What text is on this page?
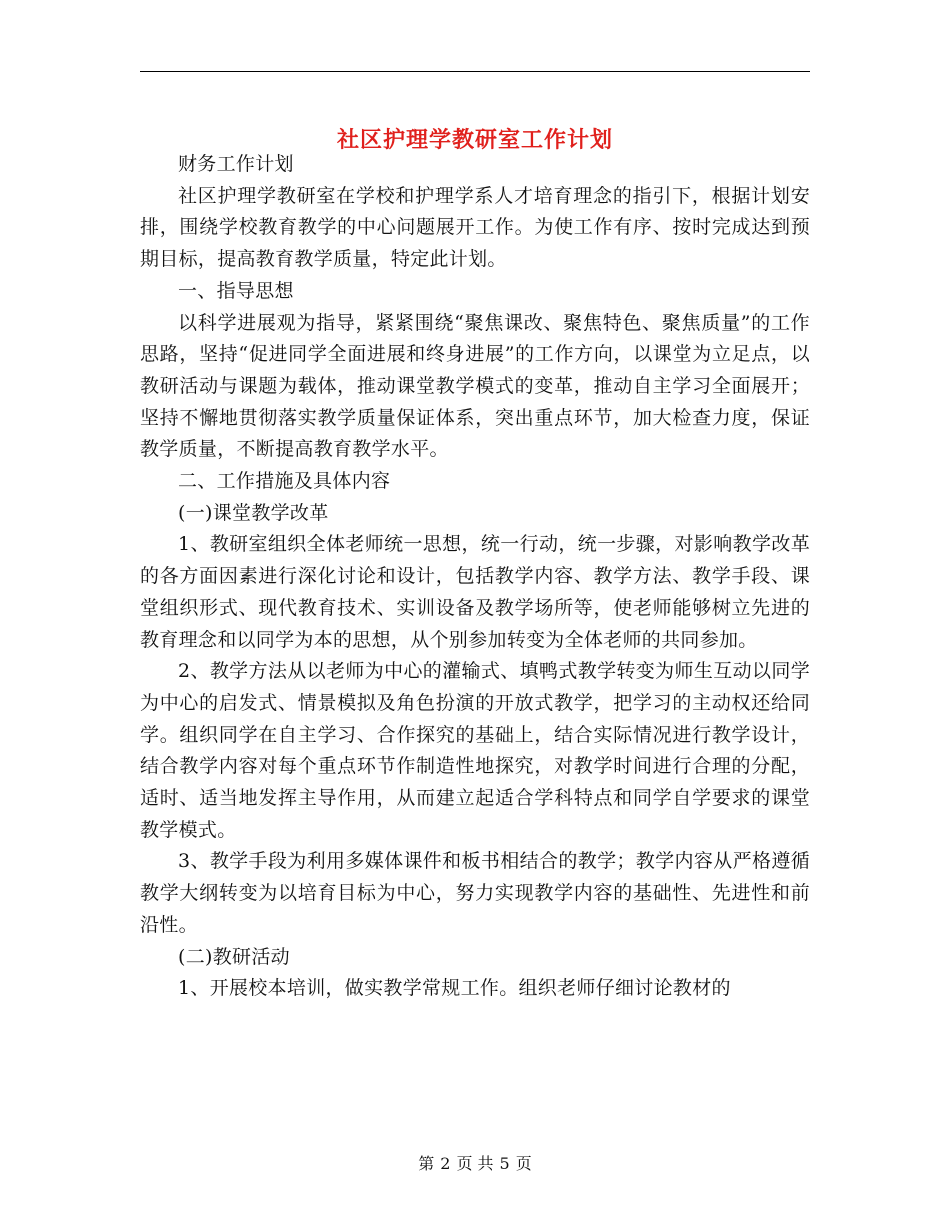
社区护理学教研室工作计划

财务工作计划

社区护理学教研室在学校和护理学系人才培育理念的指引下，根据计划安排，围绕学校教育教学的中心问题展开工作。为使工作有序、按时完成达到预期目标，提高教育教学质量，特定此计划。

一、指导思想

以科学进展观为指导，紧紧围绕“聚焦课改、聚焦特色、聚焦质量”的工作思路，坚持“促进同学全面进展和终身进展”的工作方向，以课堂为立足点，以教研活动与课题为载体，推动课堂教学模式的变革，推动自主学习全面展开；坚持不懈地贯彻落实教学质量保证体系，突出重点环节，加大检查力度，保证教学质量，不断提高教育教学水平。

二、工作措施及具体内容

(一)课堂教学改革

1、教研室组织全体老师统一思想，统一行动，统一步骤，对影响教学改革的各方面因素进行深化讨论和设计，包括教学内容、教学方法、教学手段、课堂组织形式、现代教育技术、实训设备及教学场所等，使老师能够树立先进的教育理念和以同学为本的思想，从个别参加转变为全体老师的共同参加。

2、教学方法从以老师为中心的灌输式、填鸭式教学转变为师生互动以同学为中心的启发式、情景模拟及角色扮演的开放式教学，把学习的主动权还给同学。组织同学在自主学习、合作探究的基础上，结合实际情况进行教学设计，结合教学内容对每个重点环节作制造性地探究，对教学时间进行合理的分配，适时、适当地发挥主导作用，从而建立起适合学科特点和同学自学要求的课堂教学模式。

3、教学手段为利用多媒体课件和板书相结合的教学；教学内容从严格遵循教学大纲转变为以培育目标为中心，努力实现教学内容的基础性、先进性和前沿性。

(二)教研活动

1、开展校本培训，做实教学常规工作。组织老师仔细讨论教材的

第 2 页 共 5 页
